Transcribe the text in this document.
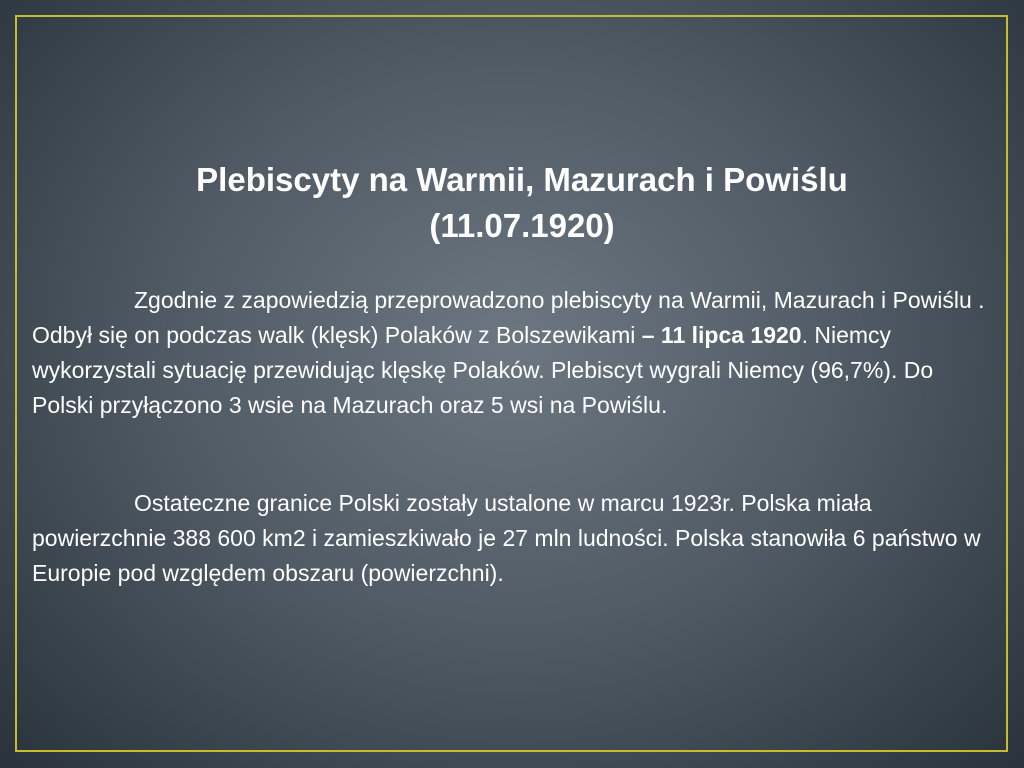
Plebiscyty na Warmii, Mazurach i Powiślu
(11.07.1920)

Zgodnie z zapowiedzią przeprowadzono plebiscyty na Warmii, Mazurach i Powiślu . Odbył się on podczas walk (klęsk) Polaków z Bolszewikami – 11 lipca 1920. Niemcy wykorzystali sytuację przewidując klęskę Polaków. Plebiscyt wygrali Niemcy (96,7%). Do Polski przyłączono 3 wsie na Mazurach oraz 5 wsi na Powiślu.

Ostateczne granice Polski zostały ustalone w marcu 1923r. Polska miała powierzchnie 388 600 km2 i zamieszkiwało je 27 mln ludności. Polska stanowiła 6 państwo w Europie pod względem obszaru (powierzchni).
